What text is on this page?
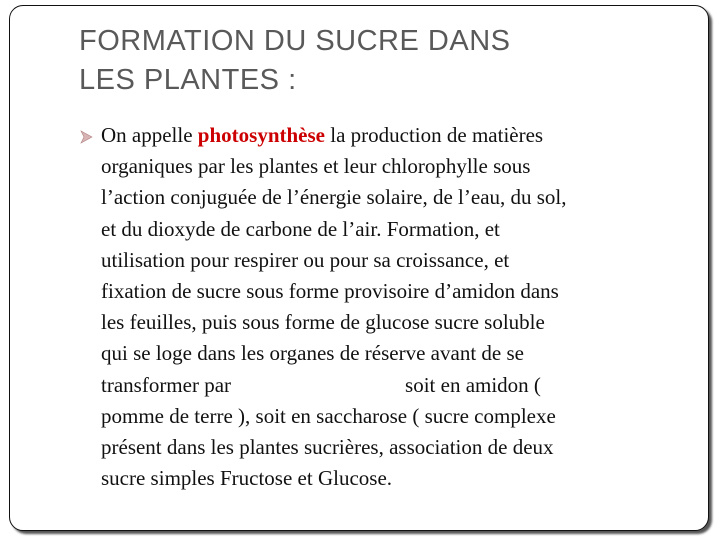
FORMATION DU SUCRE DANS
LES PLANTES :
On appelle photosynthèse la production de matières
organiques par les plantes et leur chlorophylle sous
l’action conjuguée de l’énergie solaire, de l’eau, du sol,
et du dioxyde de carbone de l’air. Formation, et
utilisation pour respirer ou pour sa croissance, et
fixation de sucre sous forme provisoire d’amidon dans
les feuilles, puis sous forme de glucose sucre soluble
qui se loge dans les organes de réserve avant de se
transformer par	soit en amidon (
pomme de terre ), soit en saccharose ( sucre complexe
présent dans les plantes sucrières, association de deux
sucre simples Fructose et Glucose.
